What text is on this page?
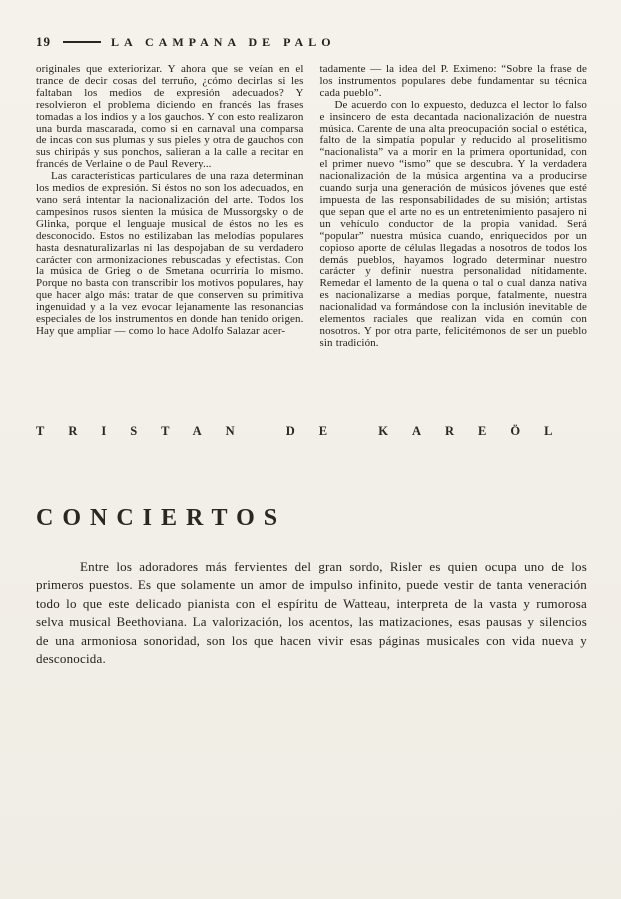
19	LA CAMPANA DE PALO

originales que exteriorizar. Y ahora que se veían en el trance de decir cosas del terruño, ¿cómo decirlas si les faltaban los medios de expresión adecuados? Y resolvieron el problema diciendo en francés las frases tomadas a los indios y a los gauchos. Y con esto realizaron una burda mascarada, como si en carnaval una comparsa de incas con sus plumas y sus pieles y otra de gauchos con sus chiripás y sus ponchos, salieran a la calle a recitar en francés de Verlaine o de Paul Revery...

Las características particulares de una raza determinan los medios de expresión. Si éstos no son los adecuados, en vano será intentar la nacionalización del arte. Todos los campesinos rusos sienten la música de Mussorgsky o de Glinka, porque el lenguaje musical de éstos no les es desconocido. Estos no estilizaban las melodías populares hasta desnaturalizarlas ni las despojaban de su verdadero carácter con armonizaciones rebuscadas y efectistas. Con la música de Grieg o de Smetana ocurriría lo mismo. Porque no basta con transcribir los motivos populares, hay que hacer algo más: tratar de que conserven su primitiva ingenuidad y a la vez evocar lejanamente las resonancias especiales de los instrumentos en donde han tenido origen. Hay que ampliar — como lo hace Adolfo Salazar acer-

tadamente — la idea del P. Eximeno: “Sobre la frase de los instrumentos populares debe fundamentar su técnica cada pueblo”.

De acuerdo con lo expuesto, deduzca el lector lo falso e insincero de esta decantada nacionalización de nuestra música. Carente de una alta preocupación social o estética, falto de la simpatía popular y reducido al proselitismo “nacionalista” va a morir en la primera oportunidad, con el primer nuevo “ismo” que se descubra. Y la verdadera nacionalización de la música argentina va a producirse cuando surja una generación de músicos jóvenes que esté impuesta de las responsabilidades de su misión; artistas que sepan que el arte no es un entretenimiento pasajero ni un vehículo conductor de la propia vanidad. Será “popular” nuestra música cuando, enriquecidos por un copioso aporte de células llegadas a nosotros de todos los demás pueblos, hayamos logrado determinar nuestro carácter y definir nuestra personalidad nítidamente. Remedar el lamento de la quena o tal o cual danza nativa es nacionalizarse a medias porque, fatalmente, nuestra nacionalidad va formándose con la inclusión inevitable de elementos raciales que realizan vida en común con nosotros. Y por otra parte, felicitémonos de ser un pueblo sin tradición.

TRISTAN DE KAREÖL
CONCIERTOS

Entre los adoradores más fervientes del gran sordo, Risler es quien ocupa uno de los primeros puestos. Es que solamente un amor de impulso infinito, puede vestir de tanta veneración todo lo que este delicado pianista con el espíritu de Watteau, interpreta de la vasta y rumorosa selva musical Beethoviana. La valorización, los acentos, las matizaciones, esas pausas y silencios de una armoniosa sonoridad, son los que hacen vivir esas páginas musicales con vida nueva y desconocida.
